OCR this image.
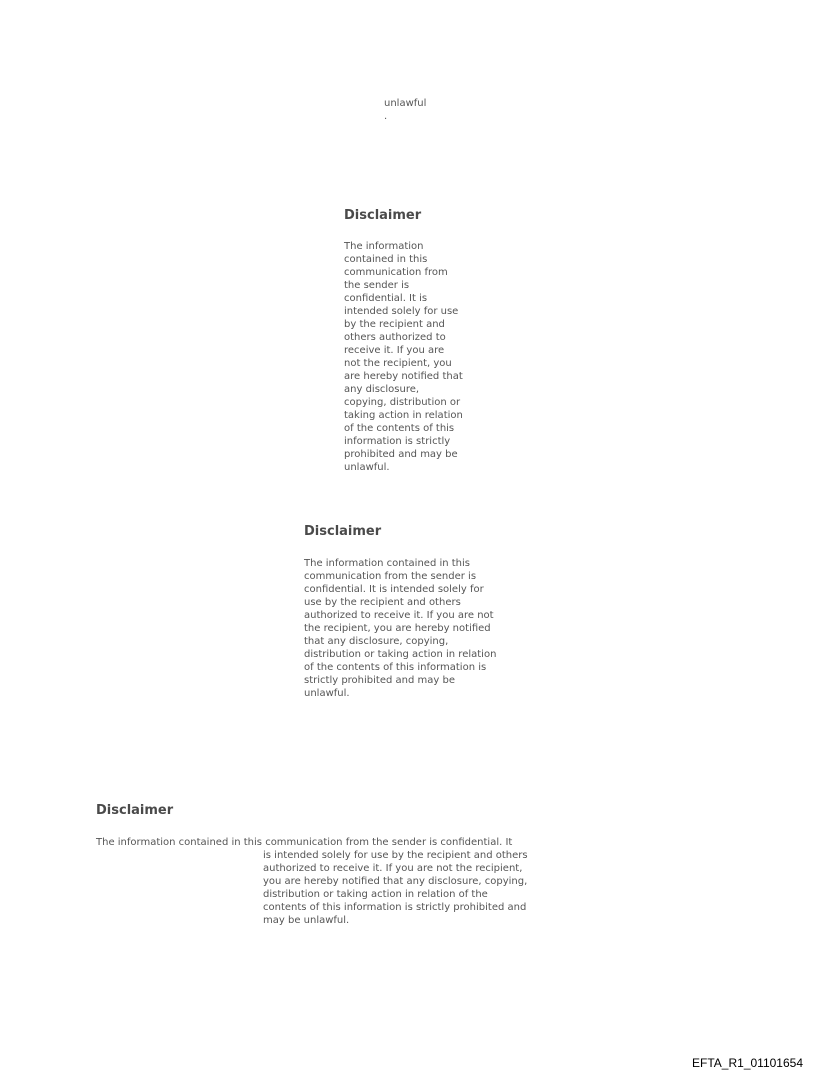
unlawful
.
Disclaimer
The information
contained in this
communication from
the sender is
confidential. It is
intended solely for use
by the recipient and
others authorized to
receive it. If you are
not the recipient, you
are hereby notified that
any disclosure,
copying, distribution or
taking action in relation
of the contents of this
information is strictly
prohibited and may be
unlawful.
Disclaimer
The information contained in this
communication from the sender is
confidential. It is intended solely for
use by the recipient and others
authorized to receive it. If you are not
the recipient, you are hereby notified
that any disclosure, copying,
distribution or taking action in relation
of the contents of this information is
strictly prohibited and may be
unlawful.
Disclaimer
The information contained in this communication from the sender is confidential. It
is intended solely for use by the recipient and others
authorized to receive it. If you are not the recipient,
you are hereby notified that any disclosure, copying,
distribution or taking action in relation of the
contents of this information is strictly prohibited and
may be unlawful.
EFTA_R1_01101654
